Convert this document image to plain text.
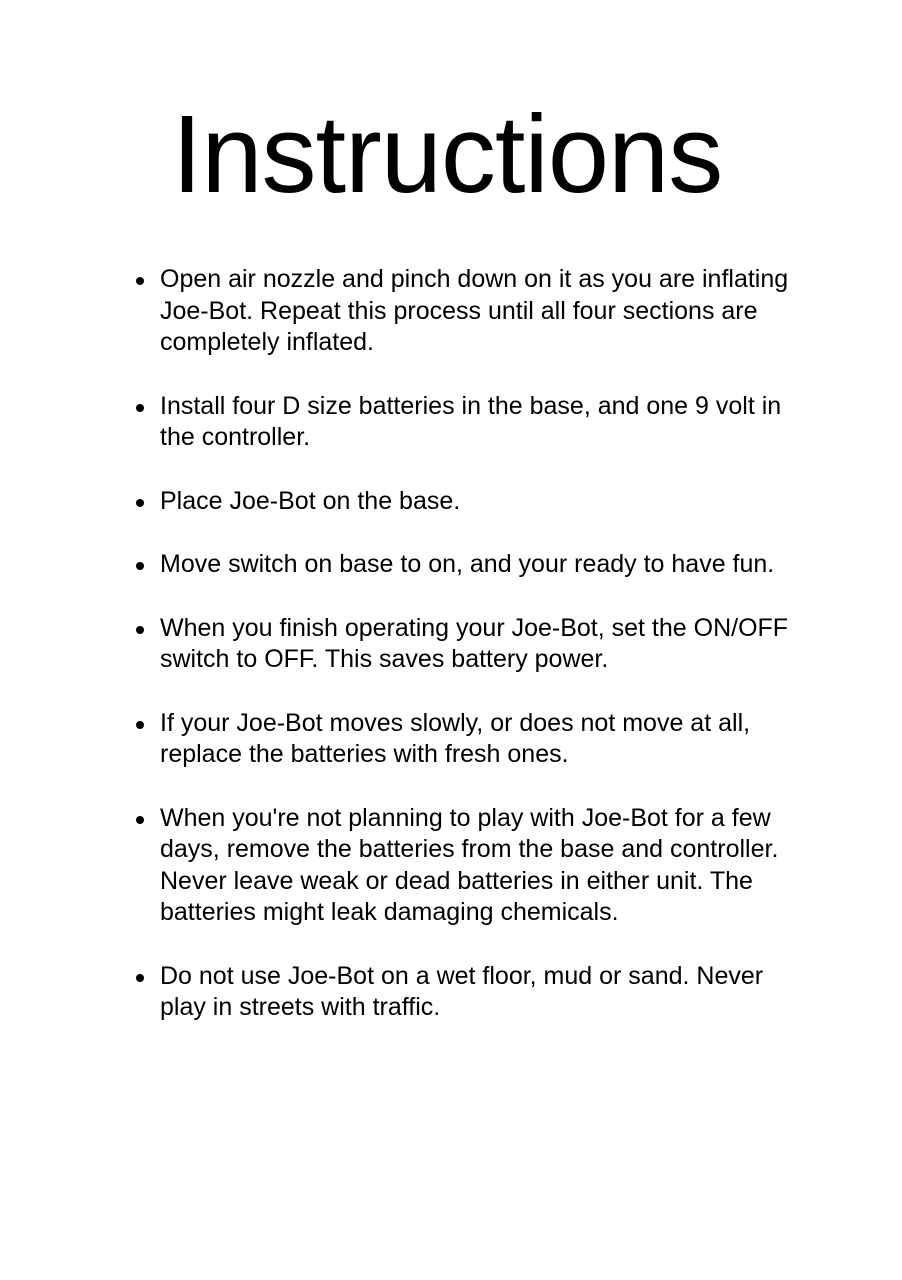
Instructions
Open air nozzle and pinch down on it as you are inflating Joe-Bot. Repeat this process until all four sections are completely inflated.
Install four D size batteries in the base, and one 9 volt in the controller.
Place Joe-Bot on the base.
Move switch on base to on, and your ready to have fun.
When you finish operating your Joe-Bot, set the ON/OFF switch to OFF. This saves battery power.
If your Joe-Bot moves slowly, or does not move at all, replace the batteries with fresh ones.
When you're not planning to play with Joe-Bot for a few days, remove the batteries from the base and controller. Never leave weak or dead batteries in either unit. The batteries might leak damaging chemicals.
Do not use Joe-Bot on a wet floor, mud or sand. Never play in streets with traffic.
